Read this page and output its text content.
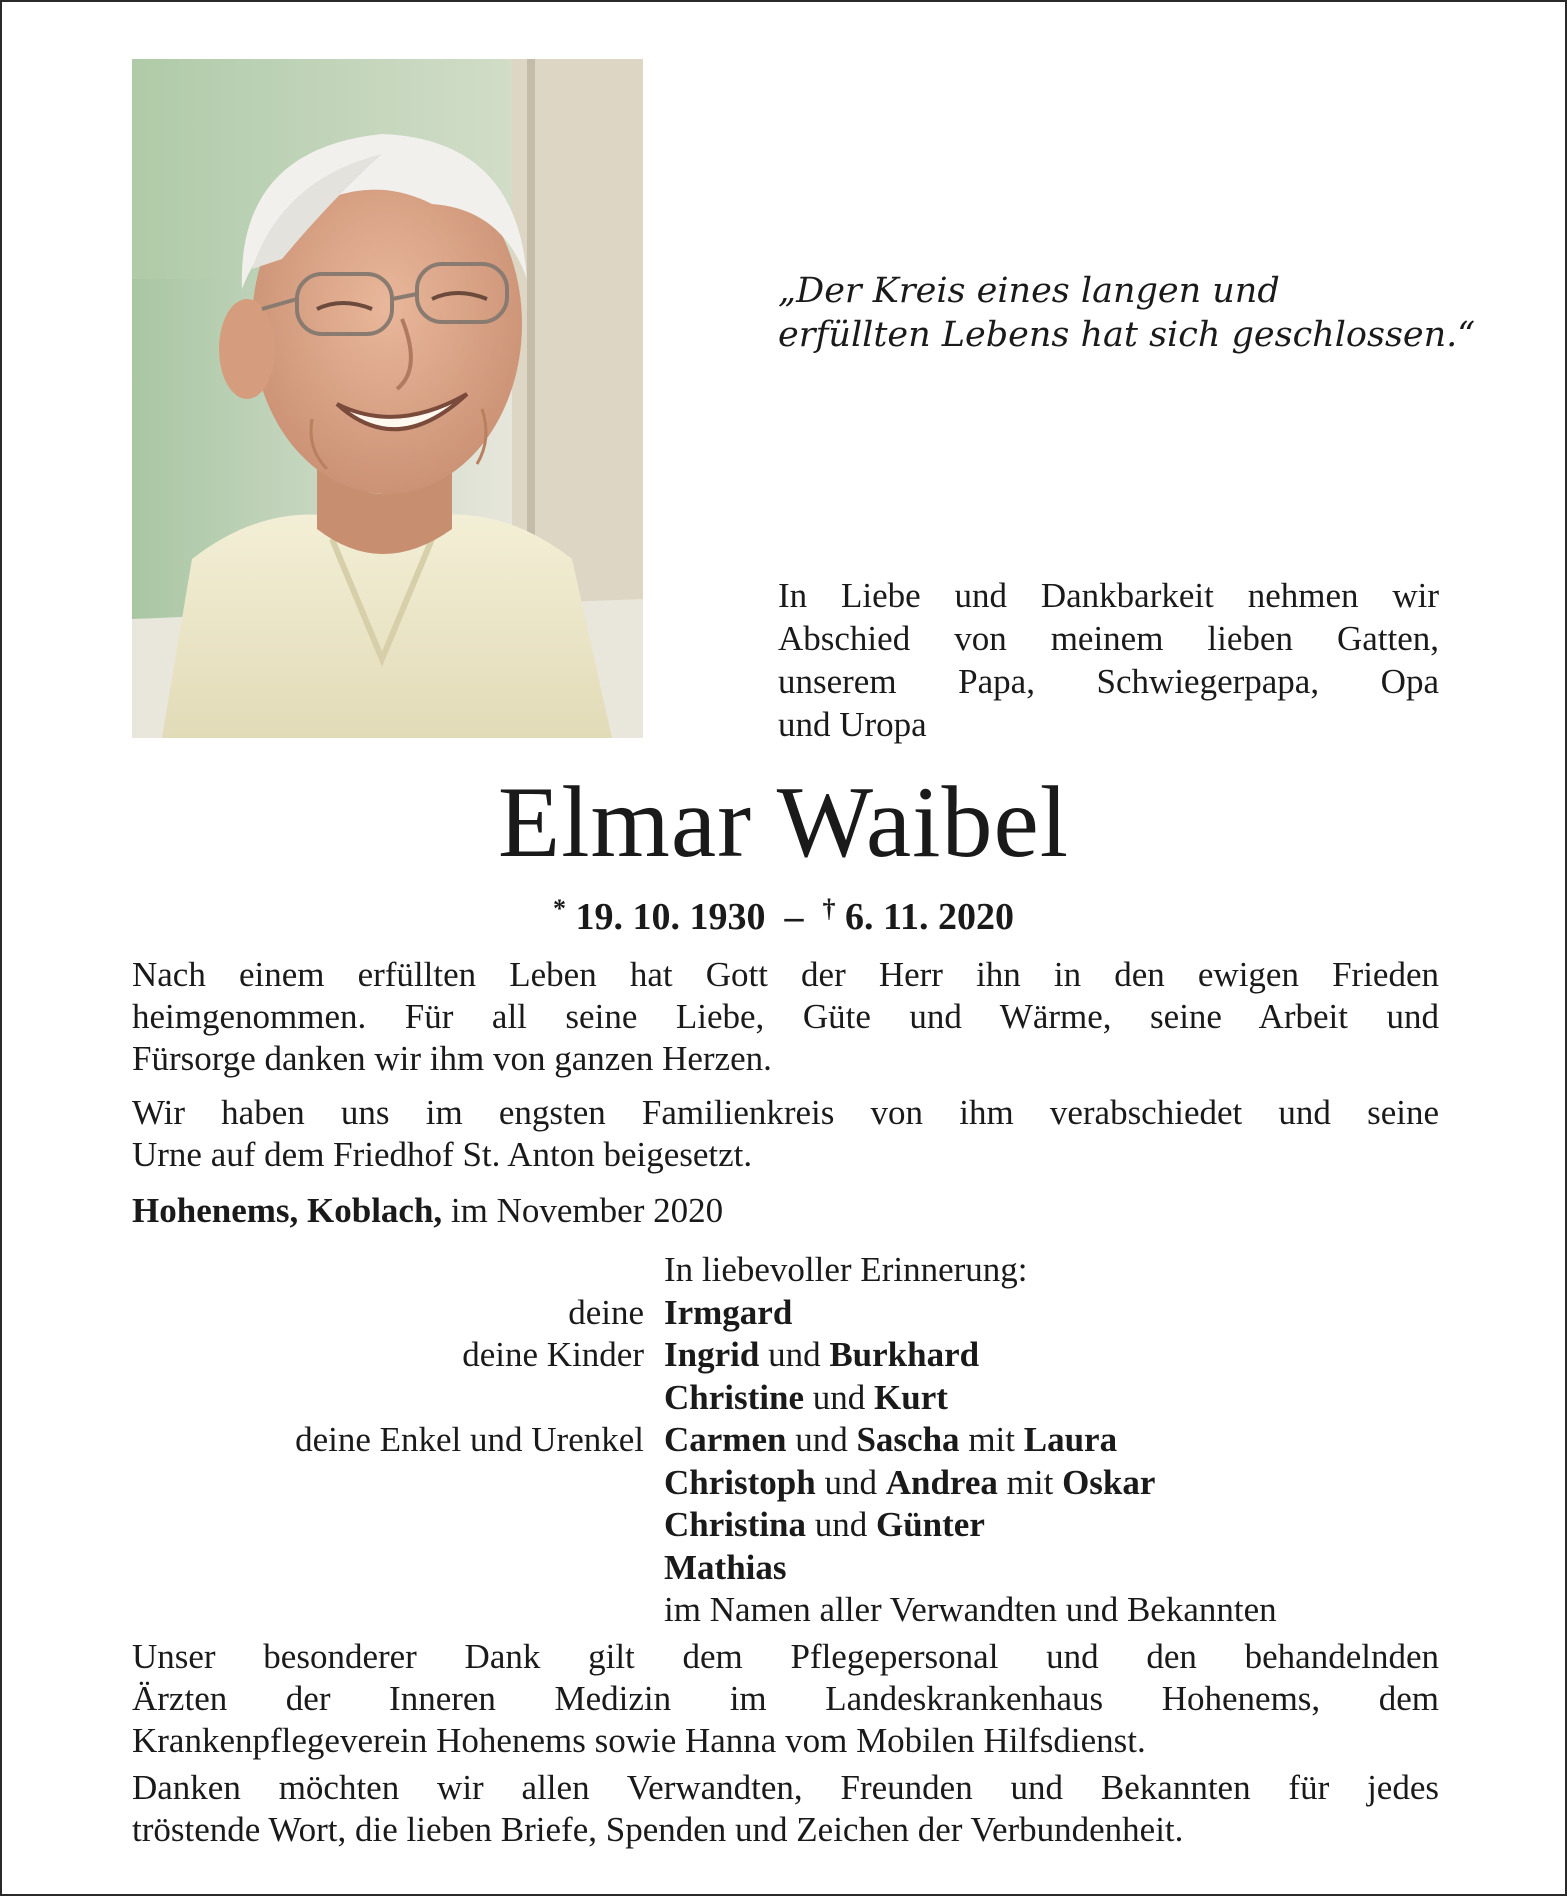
„Der Kreis eines langen und
erfüllten Lebens hat sich geschlossen.“
In Liebe und Dankbarkeit nehmen wir
Abschied von meinem lieben Gatten,
unserem Papa, Schwiegerpapa, Opa
und Uropa
Elmar Waibel
* 19. 10. 1930  –  † 6. 11. 2020
Nach einem erfüllten Leben hat Gott der Herr ihn in den ewigen Frieden
heimgenommen. Für all seine Liebe, Güte und Wärme, seine Arbeit und
Fürsorge danken wir ihm von ganzen Herzen.
Wir haben uns im engsten Familienkreis von ihm verabschiedet und seine
Urne auf dem Friedhof St. Anton beigesetzt.
Hohenems, Koblach, im November 2020
In liebevoller Erinnerung:
deine Irmgard
deine Kinder Ingrid und Burkhard
Christine und Kurt
deine Enkel und Urenkel Carmen und Sascha mit Laura
Christoph und Andrea mit Oskar
Christina und Günter
Mathias
im Namen aller Verwandten und Bekannten
Unser besonderer Dank gilt dem Pflegepersonal und den behandelnden
Ärzten der Inneren Medizin im Landeskrankenhaus Hohenems, dem
Krankenpflegeverein Hohenems sowie Hanna vom Mobilen Hilfsdienst.
Danken möchten wir allen Verwandten, Freunden und Bekannten für jedes
tröstende Wort, die lieben Briefe, Spenden und Zeichen der Verbundenheit.
